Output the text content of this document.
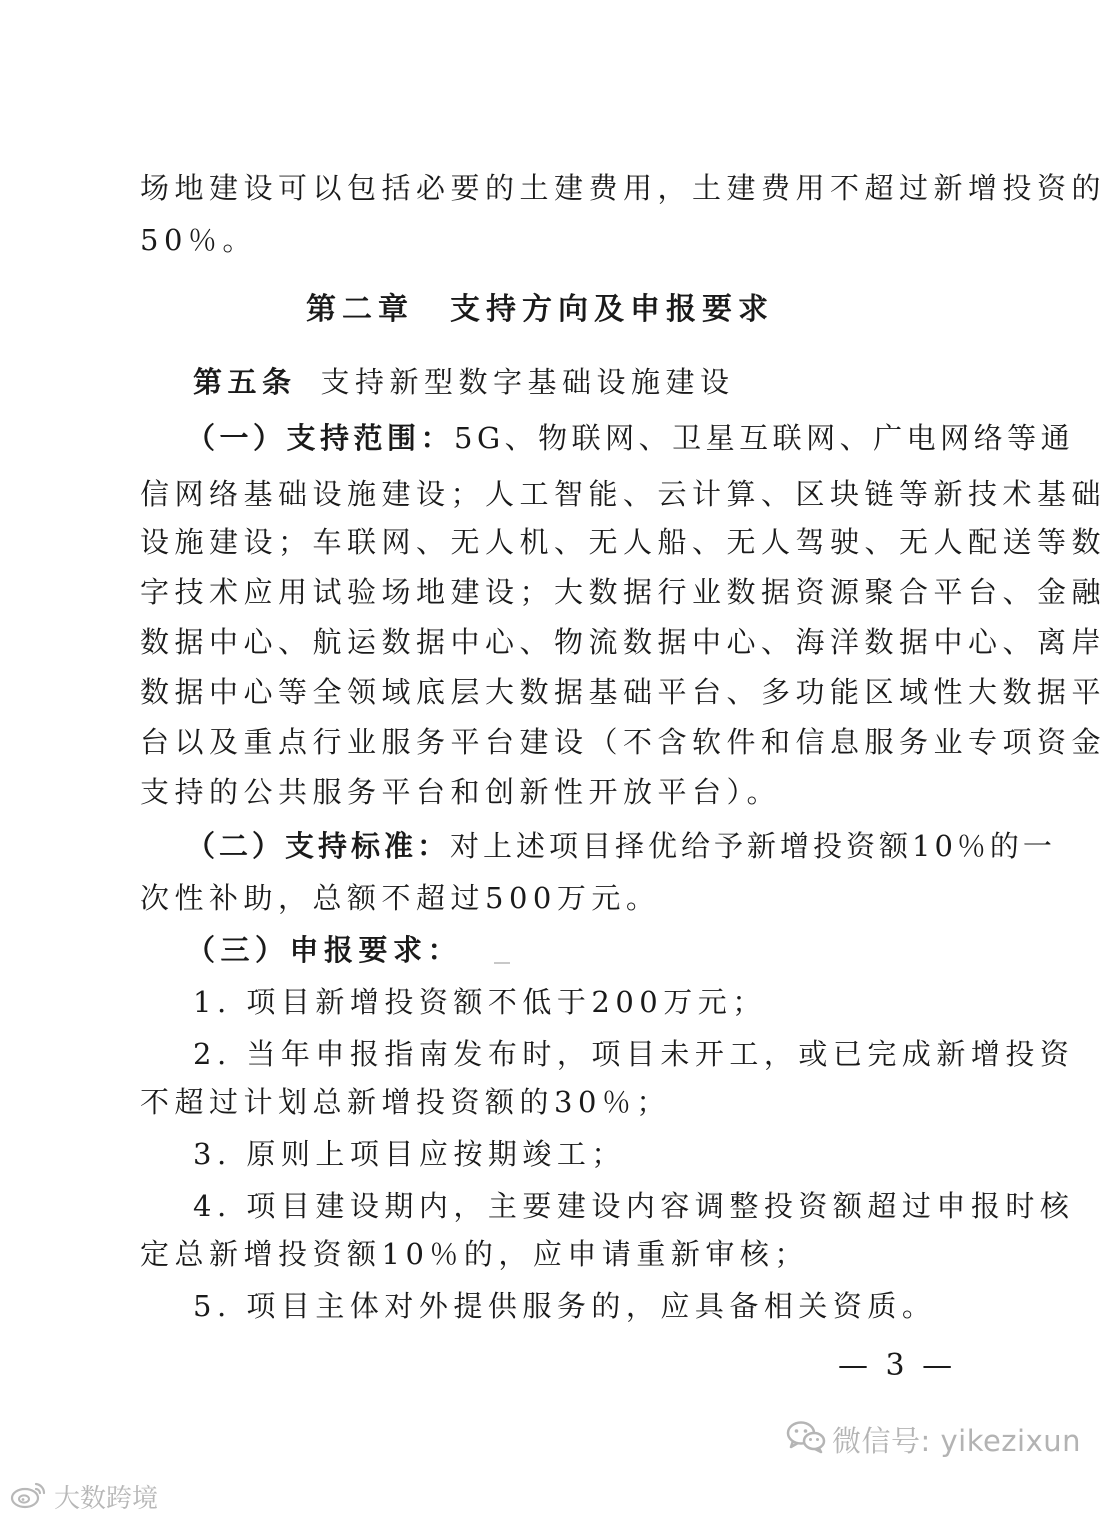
场地建设可以包括必要的土建费用，土建费用不超过新增投资的
50％。
第二章　支持方向及申报要求
第五条 支持新型数字基础设施建设
（一）支持范围：5G、物联网、卫星互联网、广电网络等通
信网络基础设施建设；人工智能、云计算、区块链等新技术基础
设施建设；车联网、无人机、无人船、无人驾驶、无人配送等数
字技术应用试验场地建设；大数据行业数据资源聚合平台、金融
数据中心、航运数据中心、物流数据中心、海洋数据中心、离岸
数据中心等全领域底层大数据基础平台、多功能区域性大数据平
台以及重点行业服务平台建设（不含软件和信息服务业专项资金
支持的公共服务平台和创新性开放平台）。
（二）支持标准：对上述项目择优给予新增投资额10％的一
次性补助，总额不超过500万元。
（三）申报要求：
1. 项目新增投资额不低于200万元；
2. 当年申报指南发布时，项目未开工，或已完成新增投资
不超过计划总新增投资额的30％；
3. 原则上项目应按期竣工；
4. 项目建设期内，主要建设内容调整投资额超过申报时核
定总新增投资额10％的，应申请重新审核；
5. 项目主体对外提供服务的，应具备相关资质。
— 3 —
微信号: yikezixun
大数跨境
